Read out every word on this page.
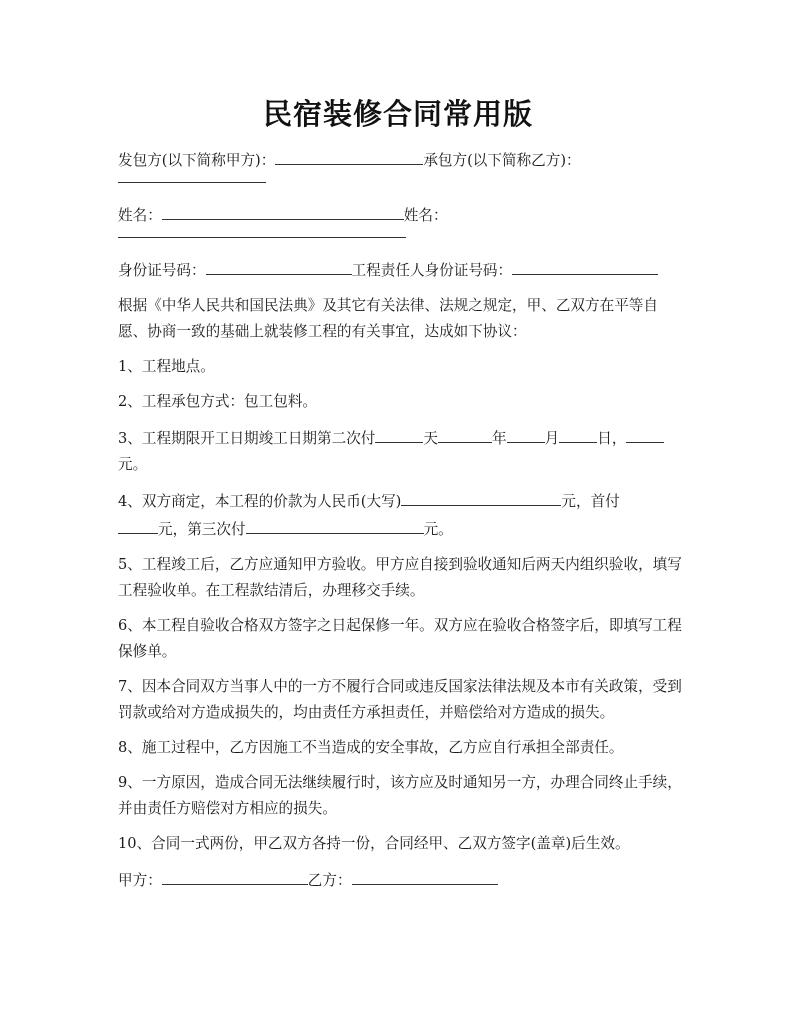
民宿装修合同常用版
发包方(以下简称甲方)：	承包方(以下简称乙方)：
姓名：	姓名：
身份证号码：	工程责任人身份证号码：
根据《中华人民共和国民法典》及其它有关法律、法规之规定，甲、乙双方在平等自愿、协商一致的基础上就装修工程的有关事宜，达成如下协议：
1、工程地点。
2、工程承包方式：包工包料。
3、工程期限开工日期竣工日期第二次付	天	年	月	日，
元。
4、双方商定，本工程的价款为人民币(大写)	元，首付
元，第三次付	元。
5、工程竣工后，乙方应通知甲方验收。甲方应自接到验收通知后两天内组织验收，填写工程验收单。在工程款结清后，办理移交手续。
6、本工程自验收合格双方签字之日起保修一年。双方应在验收合格签字后，即填写工程保修单。
7、因本合同双方当事人中的一方不履行合同或违反国家法律法规及本市有关政策，受到罚款或给对方造成损失的，均由责任方承担责任，并赔偿给对方造成的损失。
8、施工过程中，乙方因施工不当造成的安全事故，乙方应自行承担全部责任。
9、一方原因，造成合同无法继续履行时，该方应及时通知另一方，办理合同终止手续，并由责任方赔偿对方相应的损失。
10、合同一式两份，甲乙双方各持一份，合同经甲、乙双方签字(盖章)后生效。
甲方：	乙方：
